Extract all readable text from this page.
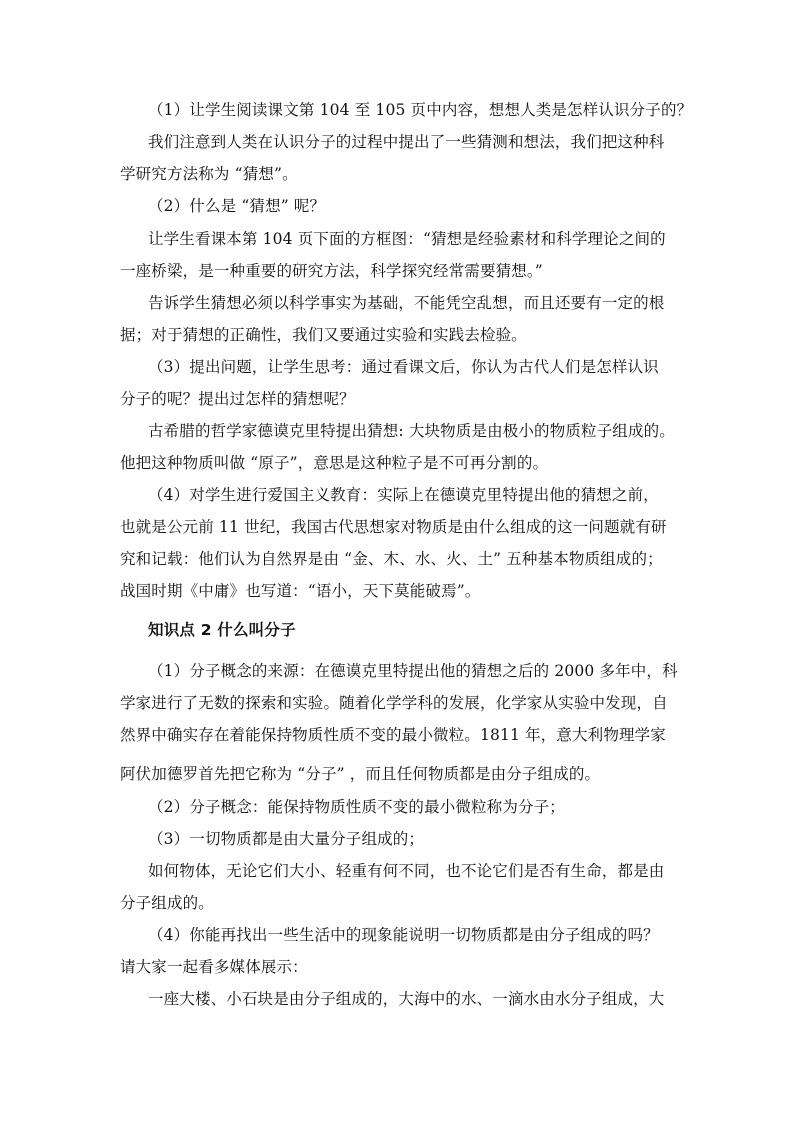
（1）让学生阅读课文第 104 至 105 页中内容，想想人类是怎样认识分子的？
我们注意到人类在认识分子的过程中提出了一些猜测和想法，我们把这种科
学研究方法称为 “猜想”。
（2）什么是 “猜想” 呢？
让学生看课本第 104 页下面的方框图：“猜想是经验素材和科学理论之间的
一座桥梁，是一种重要的研究方法，科学探究经常需要猜想。”
告诉学生猜想必须以科学事实为基础，不能凭空乱想，而且还要有一定的根
据；对于猜想的正确性，我们又要通过实验和实践去检验。
（3）提出问题，让学生思考：通过看课文后，你认为古代人们是怎样认识
分子的呢？提出过怎样的猜想呢？
古希腊的哲学家德谟克里特提出猜想: 大块物质是由极小的物质粒子组成的。
他把这种物质叫做 “原子”，意思是这种粒子是不可再分割的。
（4）对学生进行爱国主义教育：实际上在德谟克里特提出他的猜想之前，
也就是公元前 11 世纪，我国古代思想家对物质是由什么组成的这一问题就有研
究和记载：他们认为自然界是由 “金、木、水、火、土” 五种基本物质组成的；
战国时期《中庸》也写道：“语小，天下莫能破焉”。
知识点 2 什么叫分子
（1）分子概念的来源：在德谟克里特提出他的猜想之后的 2000 多年中，科
学家进行了无数的探索和实验。随着化学学科的发展，化学家从实验中发现，自
然界中确实存在着能保持物质性质不变的最小微粒。1811 年，意大利物理学家
阿伏加德罗首先把它称为 “分子” ，而且任何物质都是由分子组成的。
（2）分子概念：能保持物质性质不变的最小微粒称为分子；
（3）一切物质都是由大量分子组成的；
如何物体，无论它们大小、轻重有何不同，也不论它们是否有生命，都是由
分子组成的。
（4）你能再找出一些生活中的现象能说明一切物质都是由分子组成的吗？
请大家一起看多媒体展示：
一座大楼、小石块是由分子组成的，大海中的水、一滴水由水分子组成，大
